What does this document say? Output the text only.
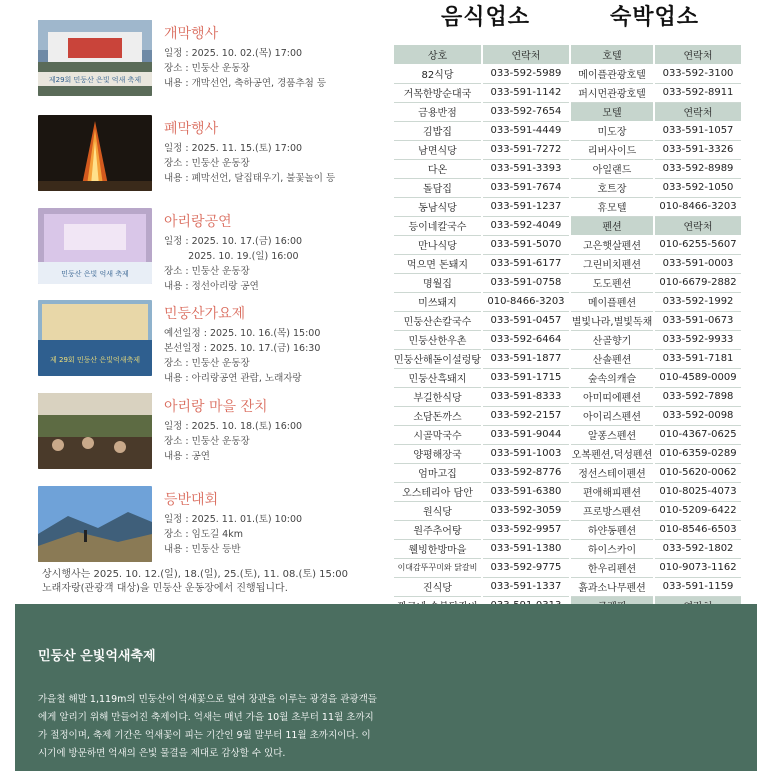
제29회 민둥산 은빛 억새 축제
개막행사
일정 : 2025. 10. 02.(목) 17:00
장소 : 민둥산 운동장
내용 : 개막선언, 축하공연, 경품추첨 등
폐막행사
일정 : 2025. 11. 15.(토) 17:00
장소 : 민둥산 운동장
내용 : 폐막선언, 달집태우기, 불꽃놀이 등
민둥산 은빛 억새 축제
아리랑공연
일정 : 2025. 10. 17.(금) 16:00
2025. 10. 19.(일) 16:00
장소 : 민둥산 운동장
내용 : 정선아리랑 공연
제 29회 민둥산 은빛억새축제
민둥산가요제
예선일정 : 2025. 10. 16.(목) 15:00
본선일정 : 2025. 10. 17.(금) 16:30
장소 : 민둥산 운동장
내용 : 아리랑공연 관람, 노래자랑
아리랑 마을 잔치
일정 : 2025. 10. 18.(토) 16:00
장소 : 민둥산 운동장
내용 : 공연
등반대회
일정 : 2025. 11. 01.(토) 10:00
장소 : 임도길 4km
내용 : 민둥산 등반
상시행사는 2025. 10. 12.(일), 18.(일), 25.(토), 11. 08.(토) 15:00
노래자랑(관광객 대상)을 민둥산 운동장에서 진행됩니다.
음식업소	숙박업소
상호	연락처
82식당	033-592-5989
거목한방순대국	033-591-1142
금용반점	033-592-7654
김밥집	033-591-4449
남면식당	033-591-7272
다온	033-591-3393
돌담집	033-591-7674
동남식당	033-591-1237
등이네칼국수	033-592-4049
만나식당	033-591-5070
먹으면 돈돼지	033-591-6177
명월집	033-591-0758
미쓰돼지	010-8466-3203
민둥산손칼국수	033-591-0457
민둥산한우촌	033-592-6464
민둥산해돋이설렁탕	033-591-1877
민둥산흑돼지	033-591-1715
부길한식당	033-591-8333
소담돈까스	033-592-2157
시골막국수	033-591-9044
양평해장국	033-591-1003
엄마고집	033-592-8776
오스테리아 담안	033-591-6380
원식당	033-592-3059
원주추어탕	033-592-9957
웰빙한방마을	033-591-1380
이대감뚜꾸미와 닭갈비	033-592-9775
진식당	033-591-1337

호텔	연락처
메이플관광호텔	033-592-3100
퍼시먼관광호텔	033-592-8911
모텔	연락처
미도장	033-591-1057
리버사이드	033-591-3326
아일랜드	033-592-8989
호트장	033-592-1050
휴모텔	010-8466-3203
펜션	연락처
고은햇살펜션	010-6255-5607
그린비치펜션	033-591-0003
도도펜션	010-6679-2882
메이플펜션	033-592-1992
별빛나라,별빛독채	033-591-0673
산골향기	033-592-9933
산솔펜션	033-591-7181
숲속의캐슬	010-4589-0009
아미띠에펜션	033-592-7898
아이리스펜션	033-592-0098
알퐁스펜션	010-4367-0625
오복펜션,덕성펜션	010-6359-0289
정선스테이펜션	010-5620-0062
편애해피펜션	010-8025-4073
프로방스펜션	010-5209-6422
하얀동펜션	010-8546-6503
하이스카이	033-592-1802
한우리펜션	010-9073-1162
흙과소나무펜션	033-591-1159

민둥산 은빛억새축제
가을철 해발 1,119m의 민둥산이 억새꽃으로 덮여 장관을 이루는 광경을 관광객들에게 알리기 위해 만들어진 축제이다. 억새는 매년 가을 10월 초부터 11월 초까지가 절정이며, 축제 기간은 억새꽃이 피는 기간인 9월 말부터 11월 초까지이다. 이 시기에 방문하면 억새의 은빛 물결을 제대로 감상할 수 있다.
